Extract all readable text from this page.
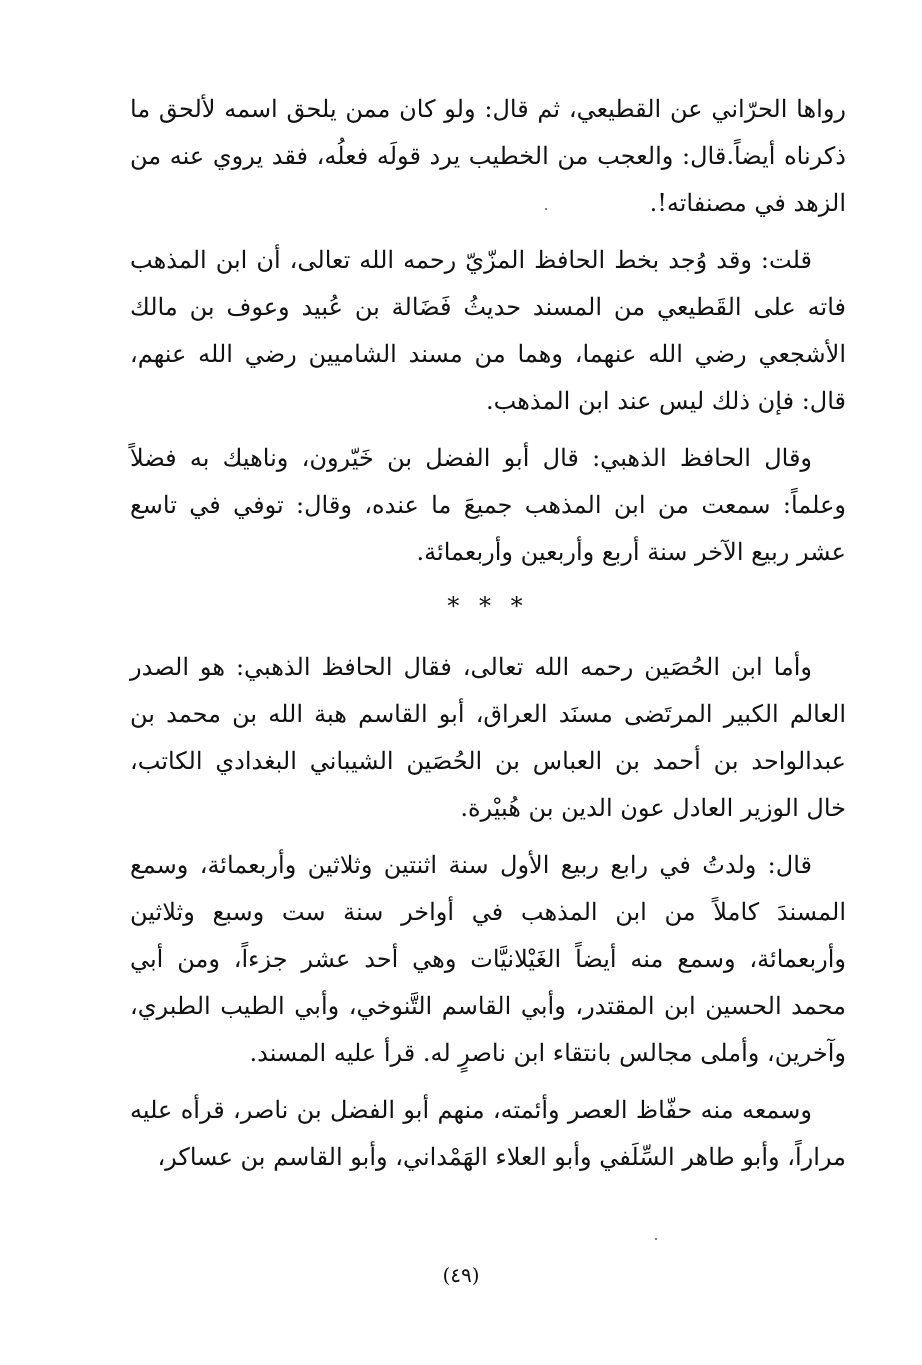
رواها الحرّاني عن القطيعي، ثم قال: ولو كان ممن يلحق اسمه لألحق ما ذكرناه أيضاً.قال: والعجب من الخطيب يرد قولَه فعلُه، فقد يروي عنه من الزهد في مصنفاته!.

قلت: وقد وُجد بخط الحافظ المزّيّ رحمه الله تعالى، أن ابن المذهب فاته على القَطيعي من المسند حديثُ فَضَالة بن عُبيد وعوف بن مالك الأشجعي رضي الله عنهما، وهما من مسند الشاميين رضي الله عنهم، قال: فإن ذلك ليس عند ابن المذهب.

وقال الحافظ الذهبي: قال أبو الفضل بن خَيّرون، وناهيك به فضلاً وعلماً: سمعت من ابن المذهب جميعَ ما عنده، وقال: توفي في تاسع عشر ربيع الآخر سنة أربع وأربعين وأربعمائة.

* * *

وأما ابن الحُصَين رحمه الله تعالى، فقال الحافظ الذهبي: هو الصدر العالم الكبير المرتَضى مسنَد العراق، أبو القاسم هبة الله بن محمد بن عبدالواحد بن أحمد بن العباس بن الحُصَين الشيباني البغدادي الكاتب، خال الوزير العادل عون الدين بن هُبيْرة.

قال: ولدتُ في رابع ربيع الأول سنة اثنتين وثلاثين وأربعمائة، وسمع المسندَ كاملاً من ابن المذهب في أواخر سنة ست وسبع وثلاثين وأربعمائة، وسمع منه أيضاً الغَيْلانيَّات وهي أحد عشر جزءاً، ومن أبي محمد الحسين ابن المقتدر، وأبي القاسم التَّنوخي، وأبي الطيب الطبري، وآخرين، وأملى مجالس بانتقاء ابن ناصرٍ له. قرأ عليه المسند.

وسمعه منه حفّاظ العصر وأئمته، منهم أبو الفضل بن ناصر، قرأه عليه مراراً، وأبو طاهر السِّلَفي وأبو العلاء الهَمْداني، وأبو القاسم بن عساكر،

(٤٩)
